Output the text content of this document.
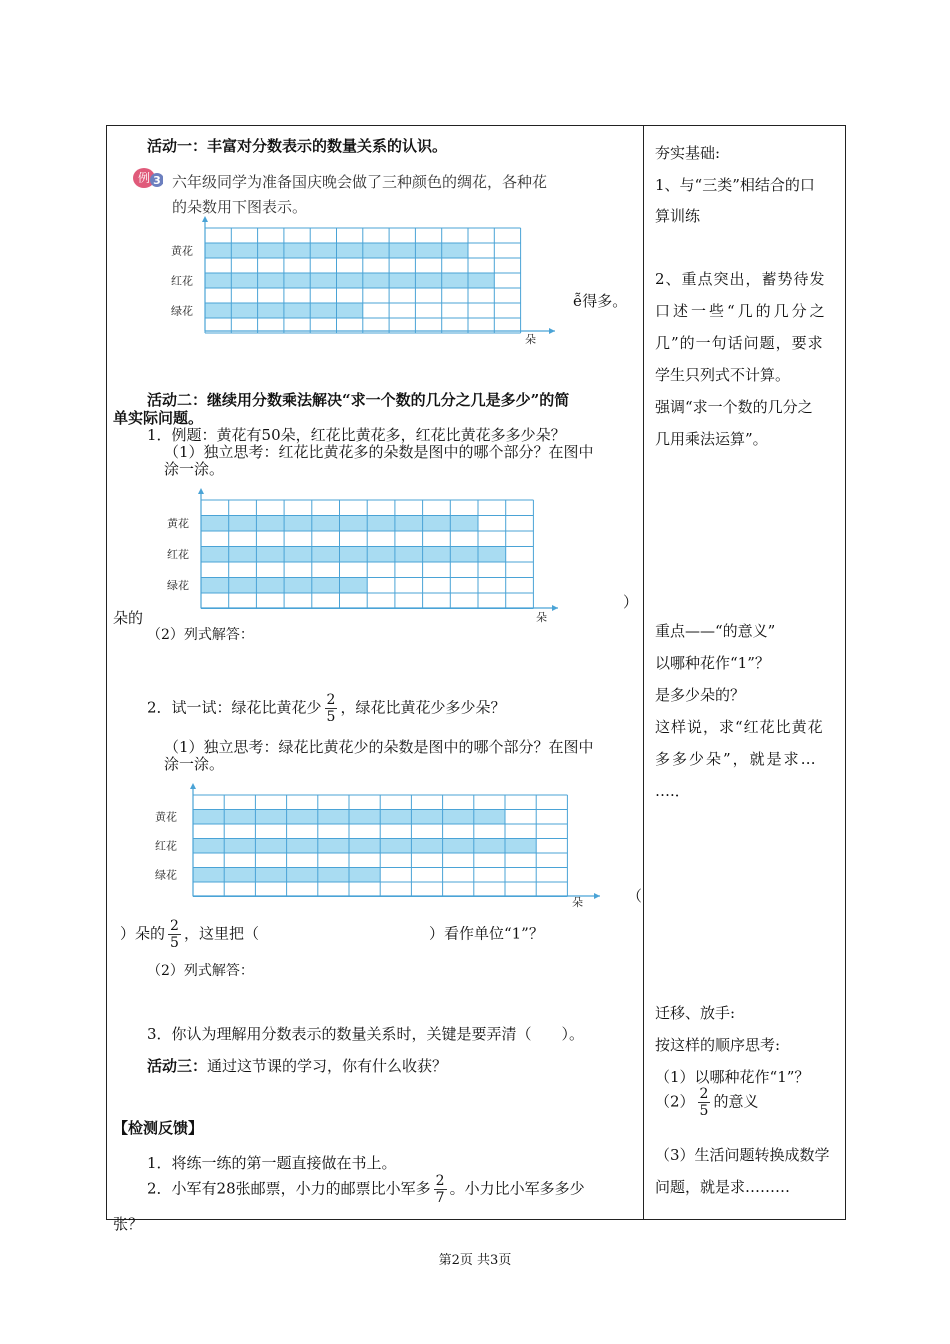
活动一：丰富对分数表示的数量关系的认识。
例 3 六年级同学为准备国庆晚会做了三种颜色的绸花，各种花
的朵数用下图表示。
黄花
红花
绿花
朵
ễ得多。
活动二：继续用分数乘法解决“求一个数的几分之几是多少”的简
单实际问题。
1．例题：黄花有50朵，红花比黄花多，红花比黄花多多少朵？
（1）独立思考：红花比黄花多的朵数是图中的哪个部分？在图中
涂一涂。
黄花
红花
绿花
朵
）
朵的
（2）列式解答：
2．试一试：绿花比黄花少 $\frac{2}{5}$ ，绿花比黄花少多少朵？
（1）独立思考：绿花比黄花少的朵数是图中的哪个部分？在图中
涂一涂。
黄花
红花
绿花
朵	（
）朵的 $\frac{2}{5}$ ，这里把（	）看作单位“1”？
（2）列式解答：
3．你认为理解用分数表示的数量关系时，关键是要弄清（　　）。
活动三：通过这节课的学习，你有什么收获？
【检测反馈】
1．将练一练的第一题直接做在书上。
2．小军有28张邮票，小力的邮票比小军多 $\frac{2}{7}$ 。小力比小军多多少
张？
夯实基础:
1、与“三类”相结合的口
算训练
2、重点突出，蓄势待发
口述一些“几的几分之
几”的一句话问题，要求
学生只列式不计算。
强调“求一个数的几分之
几用乘法运算”。
重点——“的意义”
以哪种花作“1”？
是多少朵的？
这样说，求“红花比黄花
多多少朵”，就是求…
….．
迁移、放手:
按这样的顺序思考:
（1）以哪种花作“1”？
$(2) \frac{2}{5}$ 的意义
（3）生活问题转换成数学
问题，就是求………
第2页 共3页
